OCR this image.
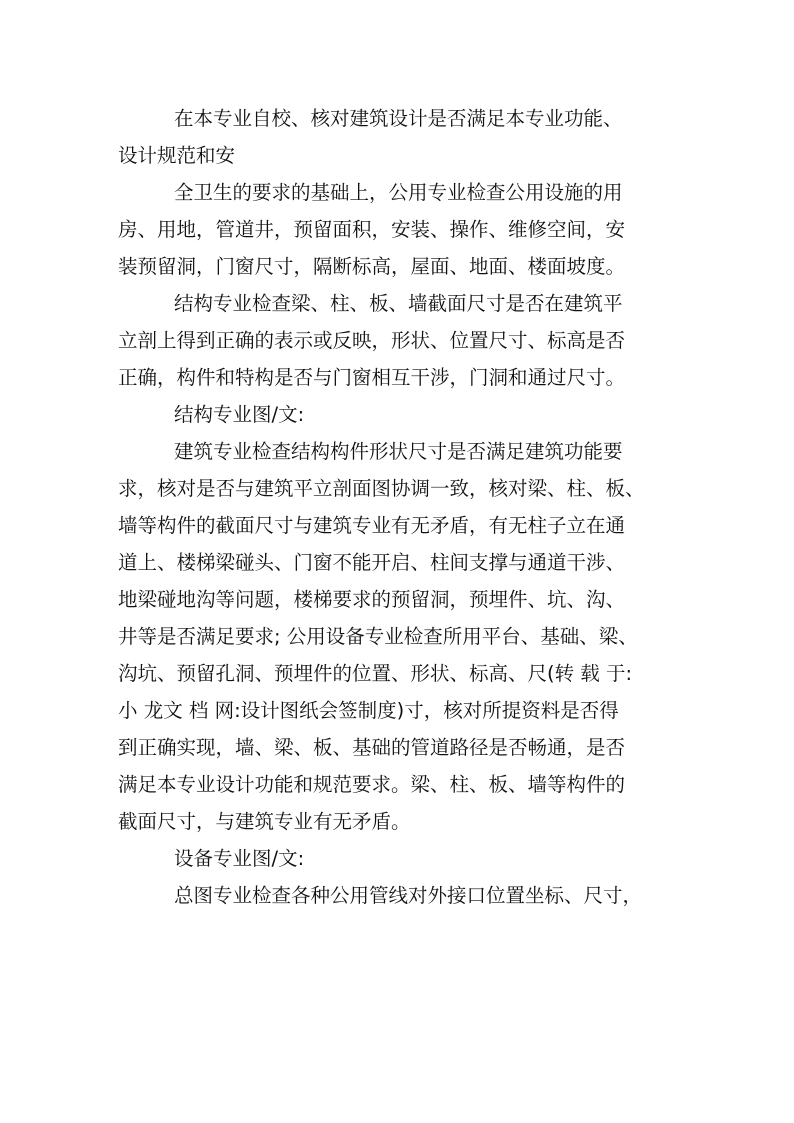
在本专业自校、核对建筑设计是否满足本专业功能、
设计规范和安
全卫生的要求的基础上，公用专业检查公用设施的用
房、用地，管道井，预留面积，安装、操作、维修空间，安
装预留洞，门窗尺寸，隔断标高，屋面、地面、楼面坡度。
结构专业检查梁、柱、板、墙截面尺寸是否在建筑平
立剖上得到正确的表示或反映，形状、位置尺寸、标高是否
正确，构件和特构是否与门窗相互干涉，门洞和通过尺寸。
结构专业图/文:
建筑专业检查结构构件形状尺寸是否满足建筑功能要
求，核对是否与建筑平立剖面图协调一致，核对梁、柱、板、
墙等构件的截面尺寸与建筑专业有无矛盾，有无柱子立在通
道上、楼梯梁碰头、门窗不能开启、柱间支撑与通道干涉、
地梁碰地沟等问题，楼梯要求的预留洞，预埋件、坑、沟、
井等是否满足要求; 公用设备专业检查所用平台、基础、梁、
沟坑、预留孔洞、预埋件的位置、形状、标高、尺(转 载 于:
小 龙文 档 网:设计图纸会签制度)寸，核对所提资料是否得
到正确实现，墙、梁、板、基础的管道路径是否畅通，是否
满足本专业设计功能和规范要求。梁、柱、板、墙等构件的
截面尺寸，与建筑专业有无矛盾。
设备专业图/文:
总图专业检查各种公用管线对外接口位置坐标、尺寸，
